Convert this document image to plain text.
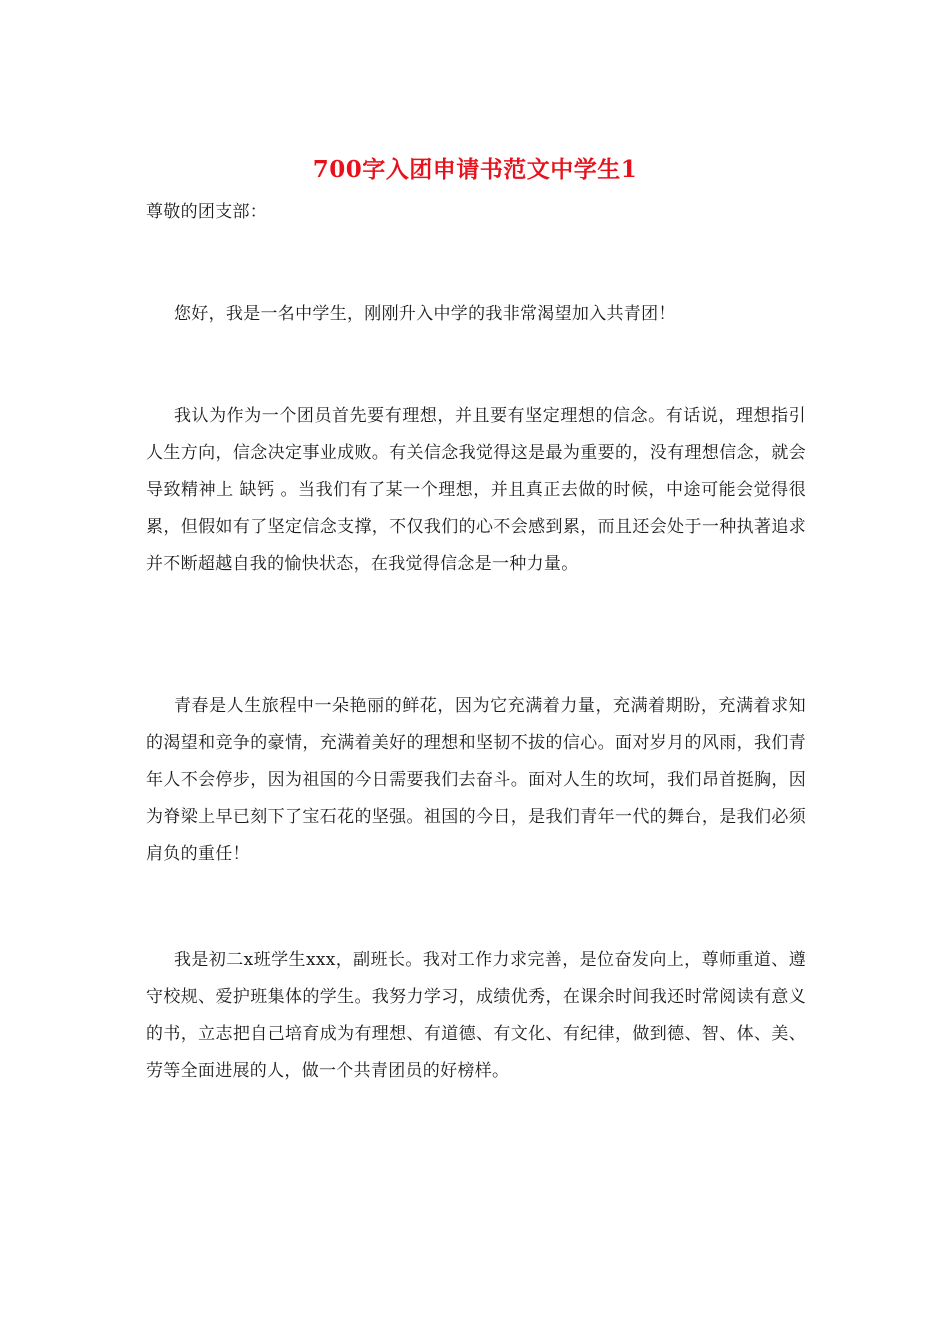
700字入团申请书范文中学生1
尊敬的团支部：
您好，我是一名中学生，刚刚升入中学的我非常渴望加入共青团！
我认为作为一个团员首先要有理想，并且要有坚定理想的信念。有话说，理想指引人生方向，信念决定事业成败。有关信念我觉得这是最为重要的，没有理想信念，就会导致精神上 缺钙 。当我们有了某一个理想，并且真正去做的时候，中途可能会觉得很累，但假如有了坚定信念支撑，不仅我们的心不会感到累，而且还会处于一种执著追求并不断超越自我的愉快状态，在我觉得信念是一种力量。
青春是人生旅程中一朵艳丽的鲜花，因为它充满着力量，充满着期盼，充满着求知的渴望和竞争的豪情，充满着美好的理想和坚韧不拔的信心。面对岁月的风雨，我们青年人不会停步，因为祖国的今日需要我们去奋斗。面对人生的坎坷，我们昂首挺胸，因为脊梁上早已刻下了宝石花的坚强。祖国的今日，是我们青年一代的舞台，是我们必须肩负的重任！
我是初二x班学生xxx，副班长。我对工作力求完善，是位奋发向上，尊师重道、遵守校规、爱护班集体的学生。我努力学习，成绩优秀，在课余时间我还时常阅读有意义的书，立志把自己培育成为有理想、有道德、有文化、有纪律，做到德、智、体、美、劳等全面进展的人，做一个共青团员的好榜样。
